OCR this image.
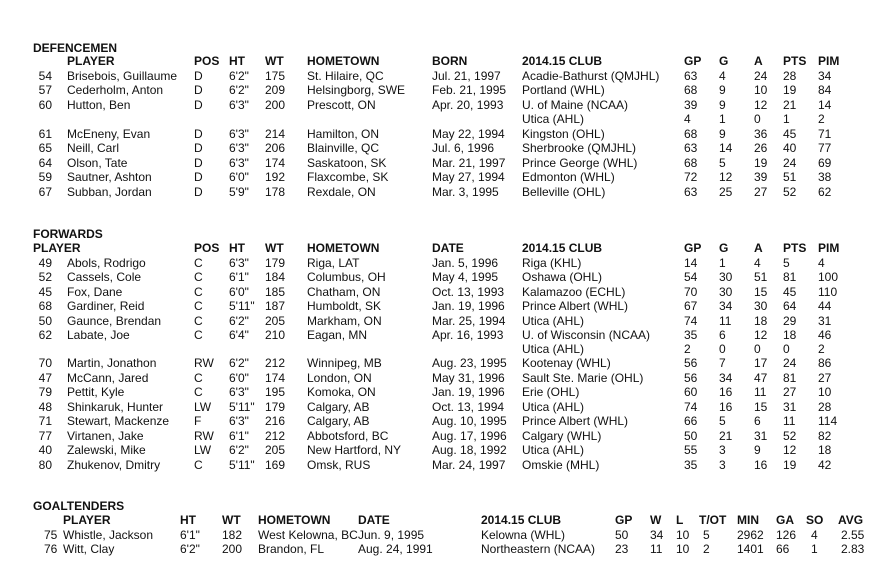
DEFENCEMEN
PLAYER	POS HT WT HOMETOWN	BORN	2014.15 CLUB	GP G A PTS PIM
54 Brisebois, Guillaume D 6'2" 175 St. Hilaire, QC	Jul. 21, 1997 Acadie-Bathurst (QMJHL) 63 4 24 28 34
57 Cederholm, Anton	D 6'2" 209 Helsingborg, SWE Feb. 21, 1995 Portland (WHL)	68 9 10 19 84
60 Hutton, Ben	D 6'3" 200 Prescott, ON	Apr. 20, 1993 U. of Maine (NCAA)	39 9 12 21 14
Utica (AHL)	4 1 0 1 2
61 McEneny, Evan	D 6'3" 214 Hamilton, ON	May 22, 1994 Kingston (OHL)	68 9 36 45 71
65 Neill, Carl	D 6'3" 206 Blainville, QC	Jul. 6, 1996 Sherbrooke (QMJHL)	63 14 26 40 77
64 Olson, Tate	D 6'3" 174 Saskatoon, SK	Mar. 21, 1997 Prince George (WHL)	68 5 19 24 69
59 Sautner, Ashton	D 6'0" 192 Flaxcombe, SK	May 27, 1994 Edmonton (WHL)	72 12 39 51 38
67 Subban, Jordan	D 5'9" 178 Rexdale, ON	Mar. 3, 1995 Belleville (OHL)	63 25 27 52 62
FORWARDS
PLAYER	POS HT WT HOMETOWN	DATE	2014.15 CLUB	GP G A PTS PIM
49 Abols, Rodrigo	C 6'3" 179 Riga, LAT	Jan. 5, 1996 Riga (KHL)	14 1 4 5 4
52 Cassels, Cole	C 6'1" 184 Columbus, OH	May 4, 1995 Oshawa (OHL)	54 30 51 81 100
45 Fox, Dane	C 6'0" 185 Chatham, ON	Oct. 13, 1993 Kalamazoo (ECHL)	70 30 15 45 110
68 Gardiner, Reid	C 5'11" 187 Humboldt, SK	Jan. 19, 1996 Prince Albert (WHL)	67 34 30 64 44
50 Gaunce, Brendan	C 6'2" 205 Markham, ON	Mar. 25, 1994 Utica (AHL)	74 11 18 29 31
62 Labate, Joe	C 6'4" 210 Eagan, MN	Apr. 16, 1993 U. of Wisconsin (NCAA)	35 6 12 18 46
Utica (AHL)	2 0 0 0 2
70 Martin, Jonathon	RW 6'2" 212 Winnipeg, MB	Aug. 23, 1995 Kootenay (WHL)	56 7 17 24 86
47 McCann, Jared	C 6'0" 174 London, ON	May 31, 1996 Sault Ste. Marie (OHL)	56 34 47 81 27
79 Pettit, Kyle	C 6'3" 195 Komoka, ON	Jan. 19, 1996 Erie (OHL)	60 16 11 27 10
48 Shinkaruk, Hunter	LW 5'11" 179 Calgary, AB	Oct. 13, 1994 Utica (AHL)	74 16 15 31 28
71 Stewart, Mackenze F 6'3" 216 Calgary, AB	Aug. 10, 1995 Prince Albert (WHL)	66 5 6 11 114
77 Virtanen, Jake	RW 6'1" 212 Abbotsford, BC	Aug. 17, 1996 Calgary (WHL)	50 21 31 52 82
40 Zalewski, Mike	LW 6'2" 205 New Hartford, NY	Aug. 18, 1992 Utica (AHL)	55 3 9 12 18
80 Zhukenov, Dmitry	C 5'11" 169 Omsk, RUS	Mar. 24, 1997 Omskie (MHL)	35 3 16 19 42
GOALTENDERS
PLAYER	HT WT HOMETOWN DATE	2014.15 CLUB	GP W L T/OT MIN GA SO AVG
75 Whistle, Jackson 6'1" 182 West Kelowna, BC Jun. 9, 1995	Kelowna (WHL)	50 34 10 5 2962 126 4 2.55
76 Witt, Clay	6'2" 200 Brandon, FL	Aug. 24, 1991	Northeastern (NCAA) 23 11 10 2 1401 66 1 2.83
